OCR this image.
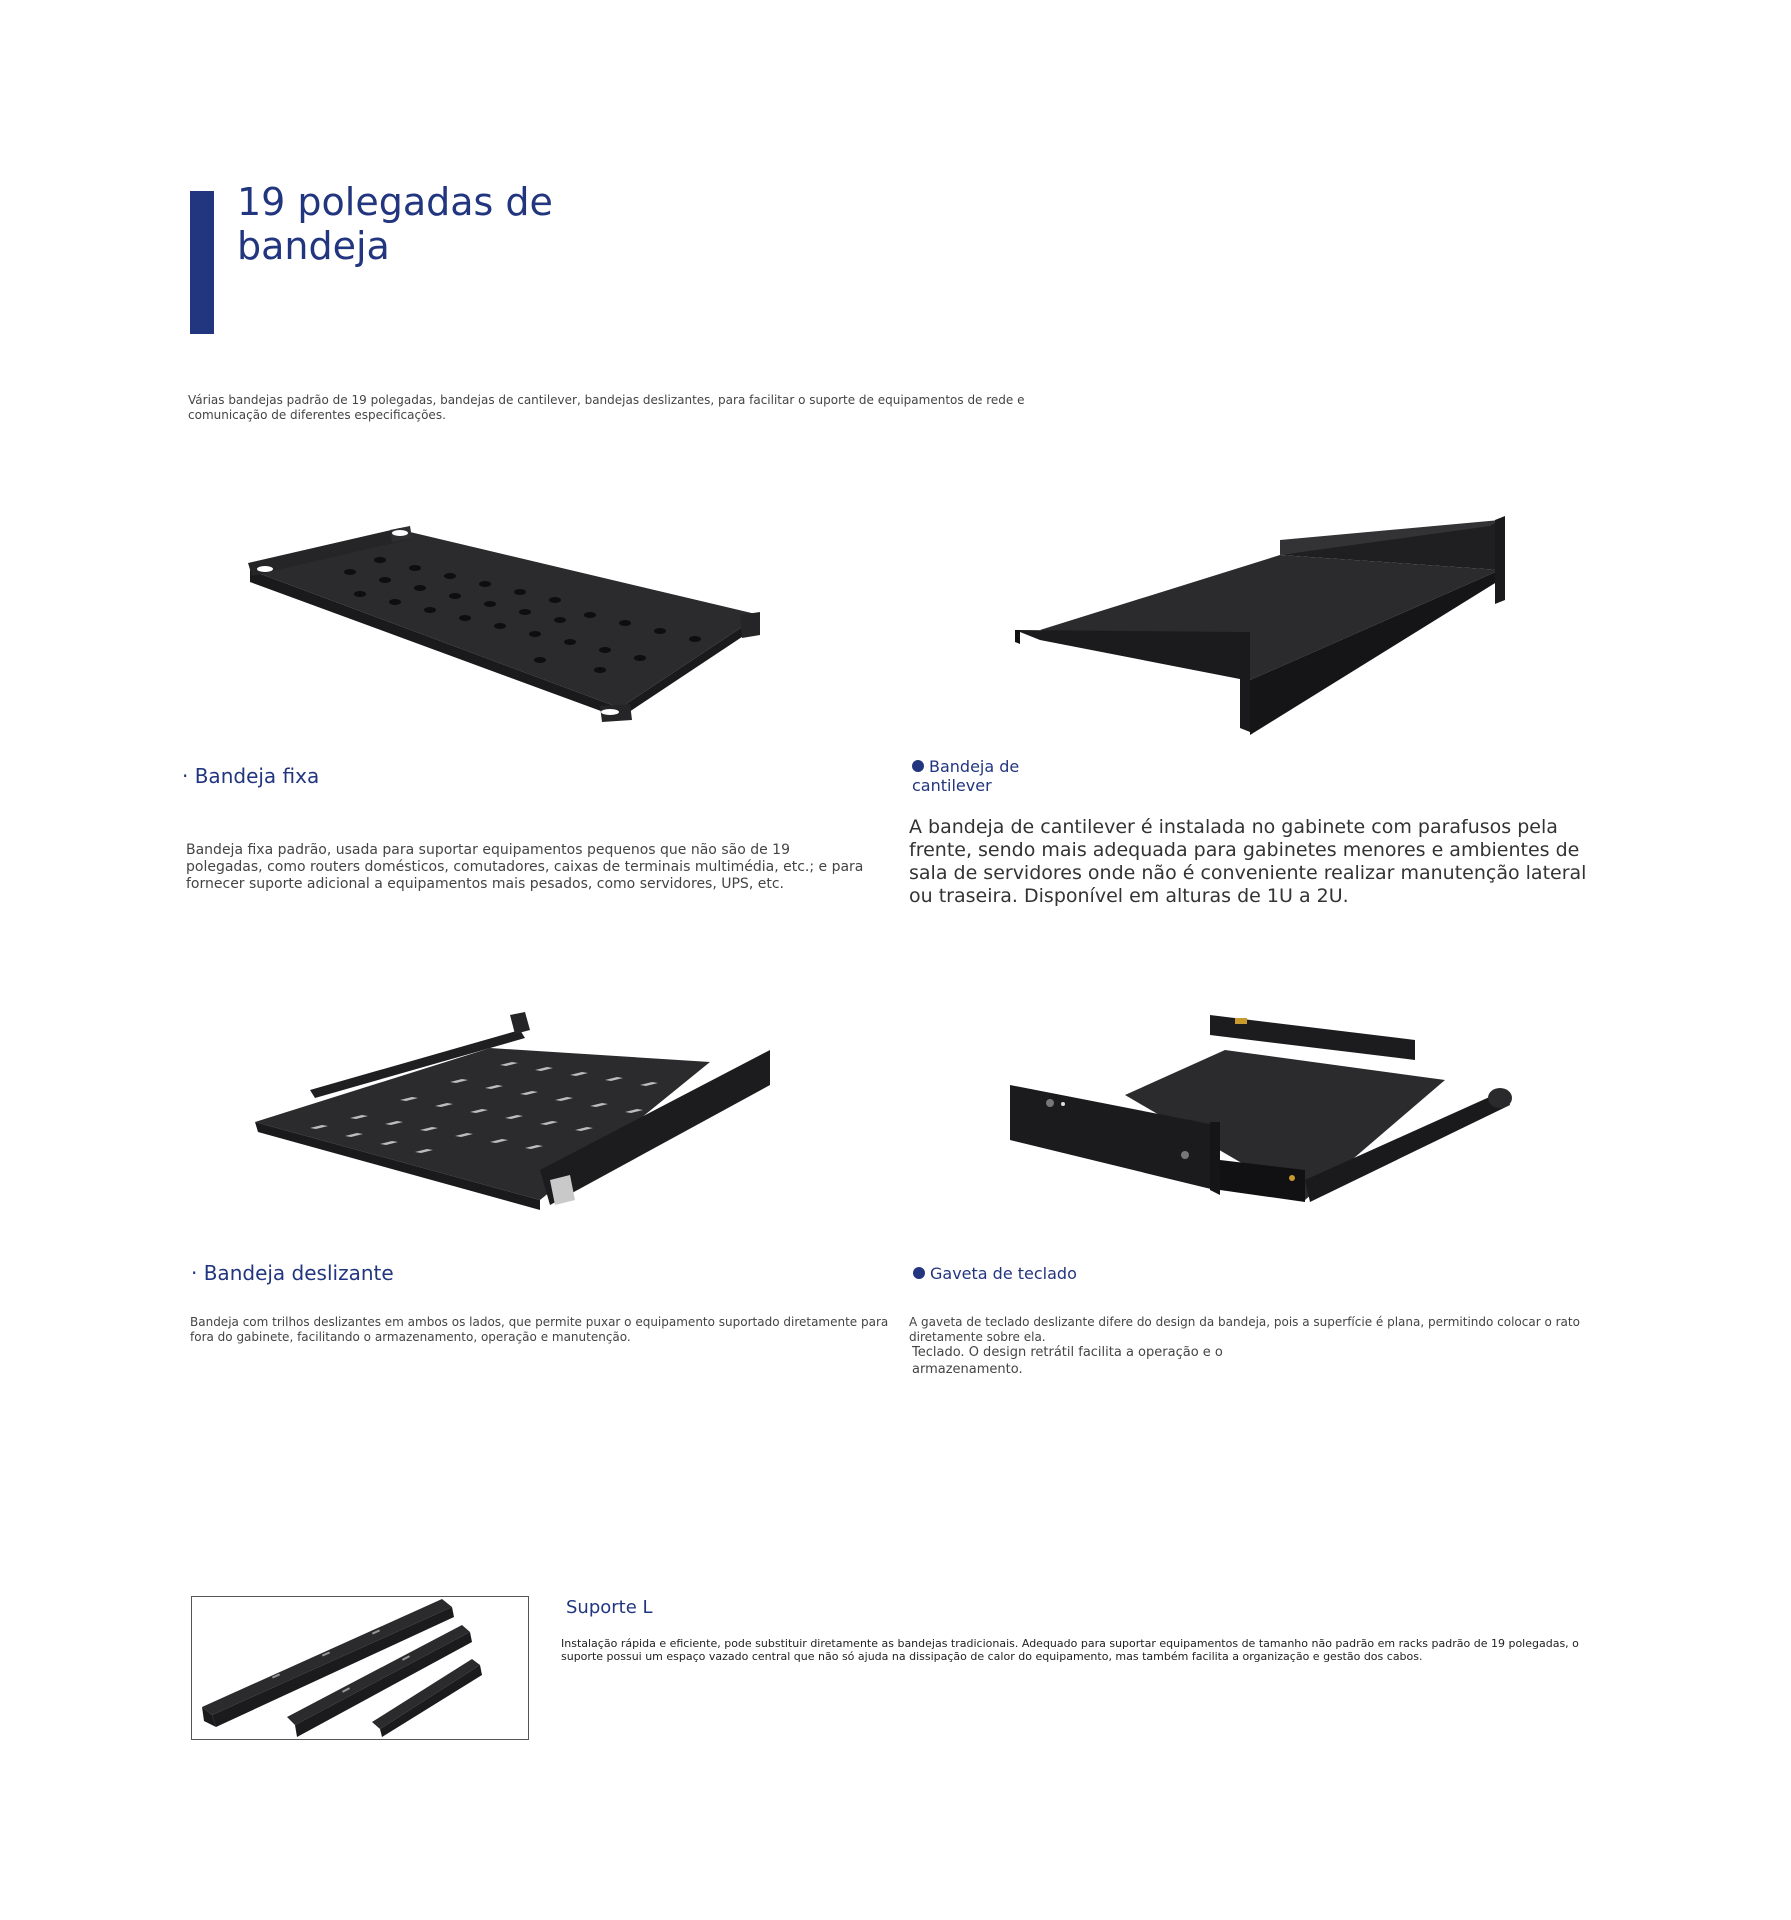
19 polegadas de
bandeja

Várias bandejas padrão de 19 polegadas, bandejas de cantilever, bandejas deslizantes, para facilitar o suporte de equipamentos de rede e comunicação de diferentes especificações.

· Bandeja fixa	Bandeja de cantilever

Bandeja fixa padrão, usada para suportar equipamentos pequenos que não são de 19 polegadas, como routers domésticos, comutadores, caixas de terminais multimédia, etc.; e para fornecer suporte adicional a equipamentos mais pesados, como servidores, UPS, etc.

A bandeja de cantilever é instalada no gabinete com parafusos pela frente, sendo mais adequada para gabinetes menores e ambientes de sala de servidores onde não é conveniente realizar manutenção lateral ou traseira. Disponível em alturas de 1U a 2U.

· Bandeja deslizante	Gaveta de teclado

Bandeja com trilhos deslizantes em ambos os lados, que permite puxar o equipamento suportado diretamente para fora do gabinete, facilitando o armazenamento, operação e manutenção.

A gaveta de teclado deslizante difere do design da bandeja, pois a superfície é plana, permitindo colocar o rato diretamente sobre ela.

Teclado. O design retrátil facilita a operação e o armazenamento.

Suporte L

Instalação rápida e eficiente, pode substituir diretamente as bandejas tradicionais. Adequado para suportar equipamentos de tamanho não padrão em racks padrão de 19 polegadas, o suporte possui um espaço vazado central que não só ajuda na dissipação de calor do equipamento, mas também facilita a organização e gestão dos cabos.
